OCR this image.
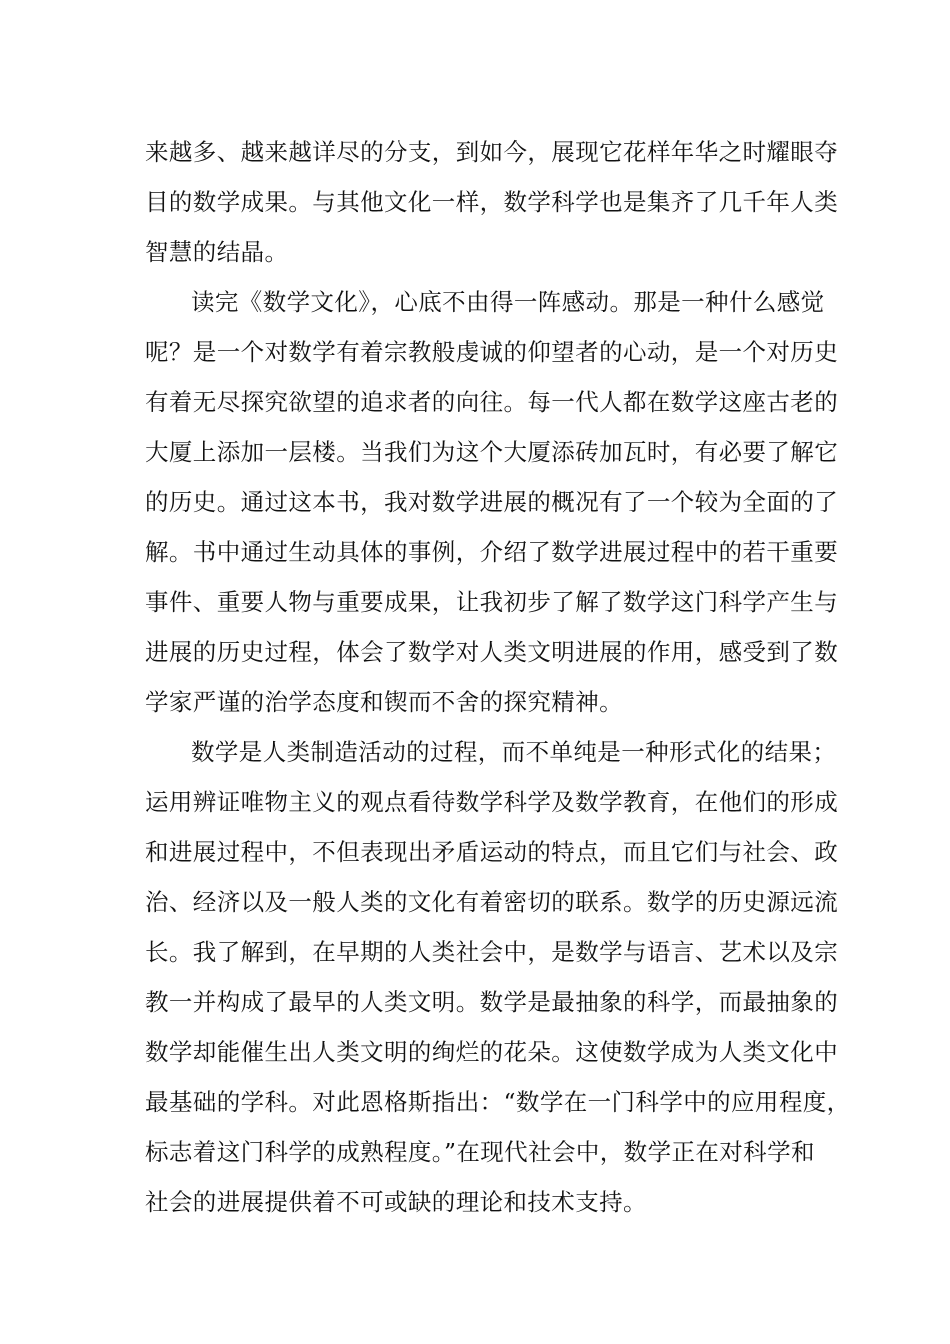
来越多、越来越详尽的分支，到如今，展现它花样年华之时耀眼夺
目的数学成果。与其他文化一样，数学科学也是集齐了几千年人类
智慧的结晶。
读完《数学文化》，心底不由得一阵感动。那是一种什么感觉
呢？是一个对数学有着宗教般虔诚的仰望者的心动，是一个对历史
有着无尽探究欲望的追求者的向往。每一代人都在数学这座古老的
大厦上添加一层楼。当我们为这个大厦添砖加瓦时，有必要了解它
的历史。通过这本书，我对数学进展的概况有了一个较为全面的了
解。书中通过生动具体的事例，介绍了数学进展过程中的若干重要
事件、重要人物与重要成果，让我初步了解了数学这门科学产生与
进展的历史过程，体会了数学对人类文明进展的作用，感受到了数
学家严谨的治学态度和锲而不舍的探究精神。
数学是人类制造活动的过程，而不单纯是一种形式化的结果；
运用辨证唯物主义的观点看待数学科学及数学教育，在他们的形成
和进展过程中，不但表现出矛盾运动的特点，而且它们与社会、政
治、经济以及一般人类的文化有着密切的联系。数学的历史源远流
长。我了解到，在早期的人类社会中，是数学与语言、艺术以及宗
教一并构成了最早的人类文明。数学是最抽象的科学，而最抽象的
数学却能催生出人类文明的绚烂的花朵。这使数学成为人类文化中
最基础的学科。对此恩格斯指出：“数学在一门科学中的应用程度，
标志着这门科学的成熟程度。”在现代社会中，数学正在对科学和
社会的进展提供着不可或缺的理论和技术支持。
